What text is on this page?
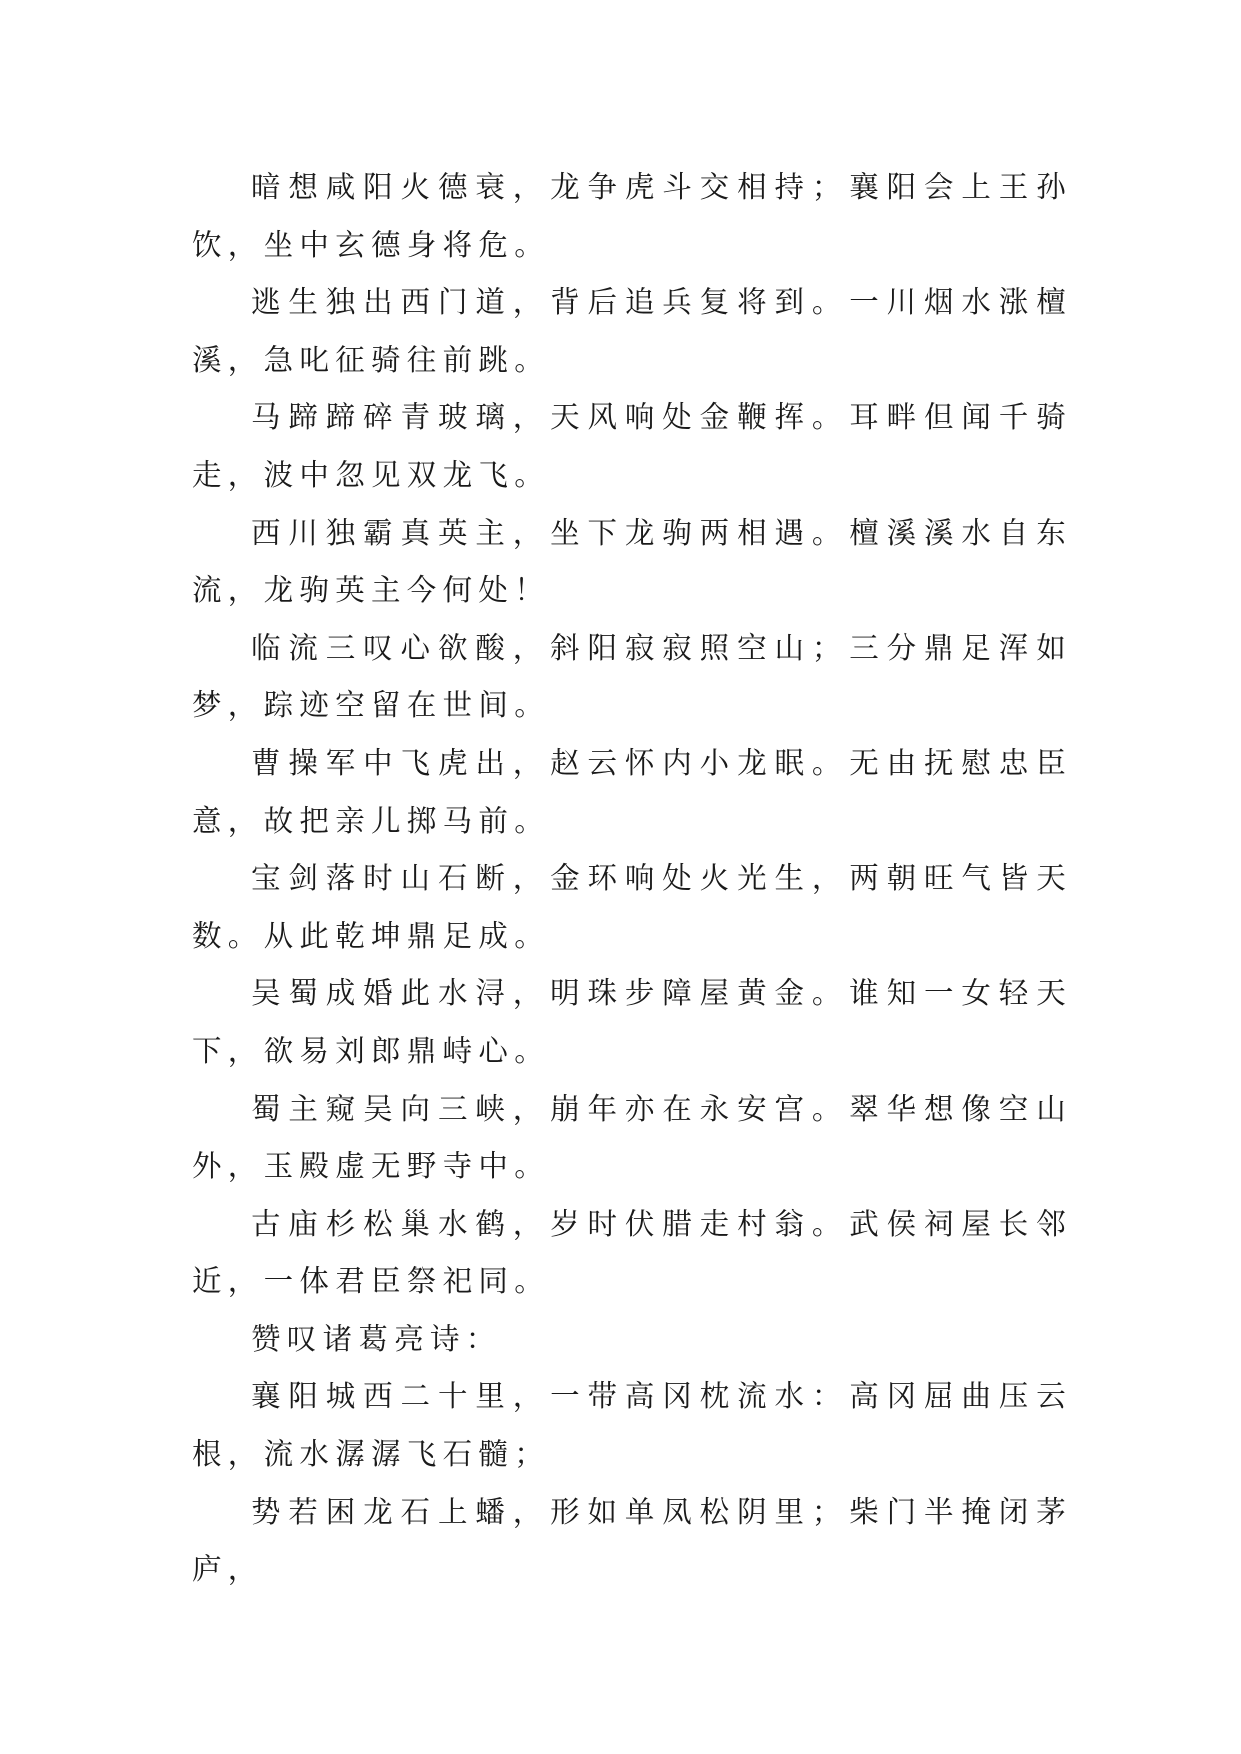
暗想咸阳火德衰，龙争虎斗交相持；襄阳会上王孙饮，坐中玄德身将危。

逃生独出西门道，背后追兵复将到。一川烟水涨檀溪，急叱征骑往前跳。

马蹄蹄碎青玻璃，天风响处金鞭挥。耳畔但闻千骑走，波中忽见双龙飞。

西川独霸真英主，坐下龙驹两相遇。檀溪溪水自东流，龙驹英主今何处！

临流三叹心欲酸，斜阳寂寂照空山；三分鼎足浑如梦，踪迹空留在世间。

曹操军中飞虎出，赵云怀内小龙眠。无由抚慰忠臣意，故把亲儿掷马前。

宝剑落时山石断，金环响处火光生，两朝旺气皆天数。从此乾坤鼎足成。

吴蜀成婚此水浔，明珠步障屋黄金。谁知一女轻天下，欲易刘郎鼎峙心。

蜀主窥吴向三峡，崩年亦在永安宫。翠华想像空山外，玉殿虚无野寺中。

古庙杉松巢水鹤，岁时伏腊走村翁。武侯祠屋长邻近，一体君臣祭祀同。

赞叹诸葛亮诗：

襄阳城西二十里，一带高冈枕流水：高冈屈曲压云根，流水潺潺飞石髓；

势若困龙石上蟠，形如单凤松阴里；柴门半掩闭茅庐，
